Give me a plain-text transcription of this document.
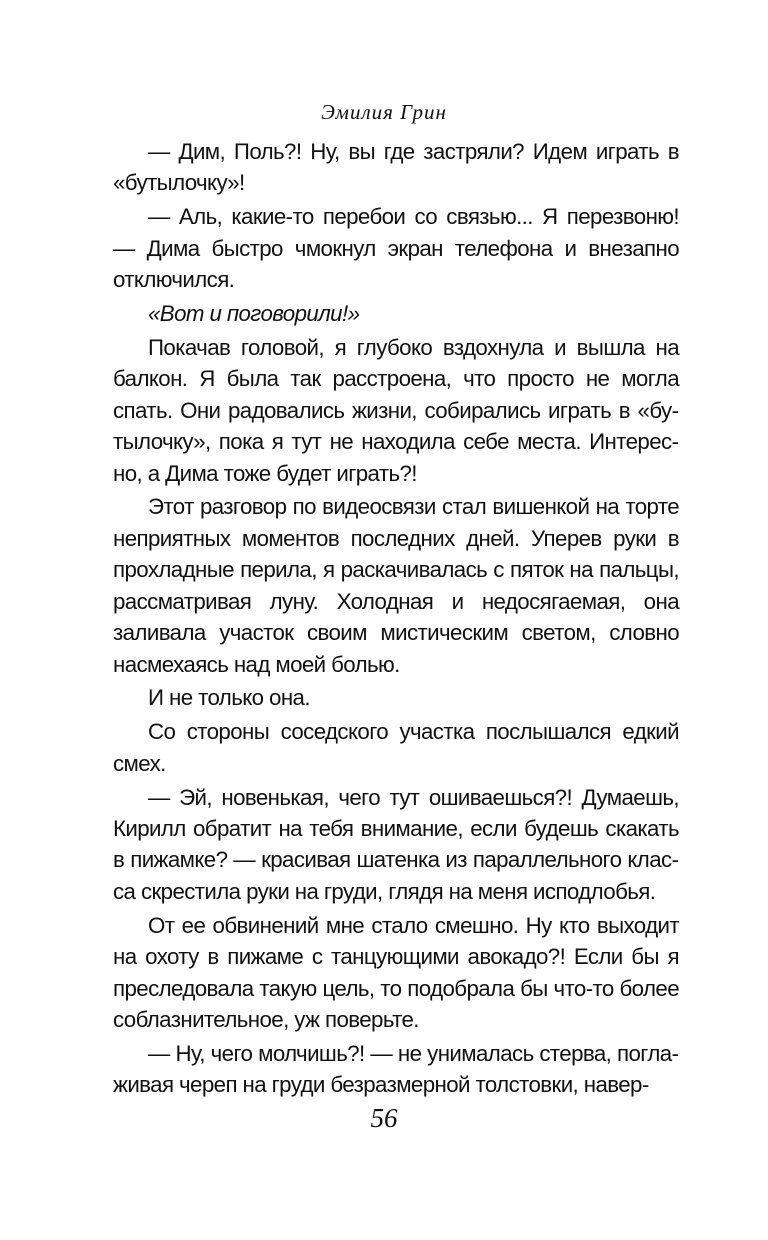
Эмилия Грин

— Дим, Поль?! Ну, вы где застряли? Идем играть в «бутылочку»!

— Аль, какие-то перебои со связью... Я перезвоню! — Дима быстро чмокнул экран телефона и внезапно отключился.

«Вот и поговорили!»

Покачав головой, я глубоко вздохнула и вышла на балкон. Я была так расстроена, что просто не могла спать. Они радовались жизни, собирались играть в «бутылочку», пока я тут не находила себе места. Интересно, а Дима тоже будет играть?!

Этот разговор по видеосвязи стал вишенкой на торте неприятных моментов последних дней. Уперев руки в прохладные перила, я раскачивалась с пяток на пальцы, рассматривая луну. Холодная и недосягаемая, она заливала участок своим мистическим светом, словно насмехаясь над моей болью.

И не только она.

Со стороны соседского участка послышался едкий смех.

— Эй, новенькая, чего тут ошиваешься?! Думаешь, Кирилл обратит на тебя внимание, если будешь скакать в пижамке? — красивая шатенка из параллельного класса скрестила руки на груди, глядя на меня исподлобья.

От ее обвинений мне стало смешно. Ну кто выходит на охоту в пижаме с танцующими авокадо?! Если бы я преследовала такую цель, то подобрала бы что-то более соблазнительное, уж поверьте.

— Ну, чего молчишь?! — не унималась стерва, поглаживая череп на груди безразмерной толстовки, навер-

56
